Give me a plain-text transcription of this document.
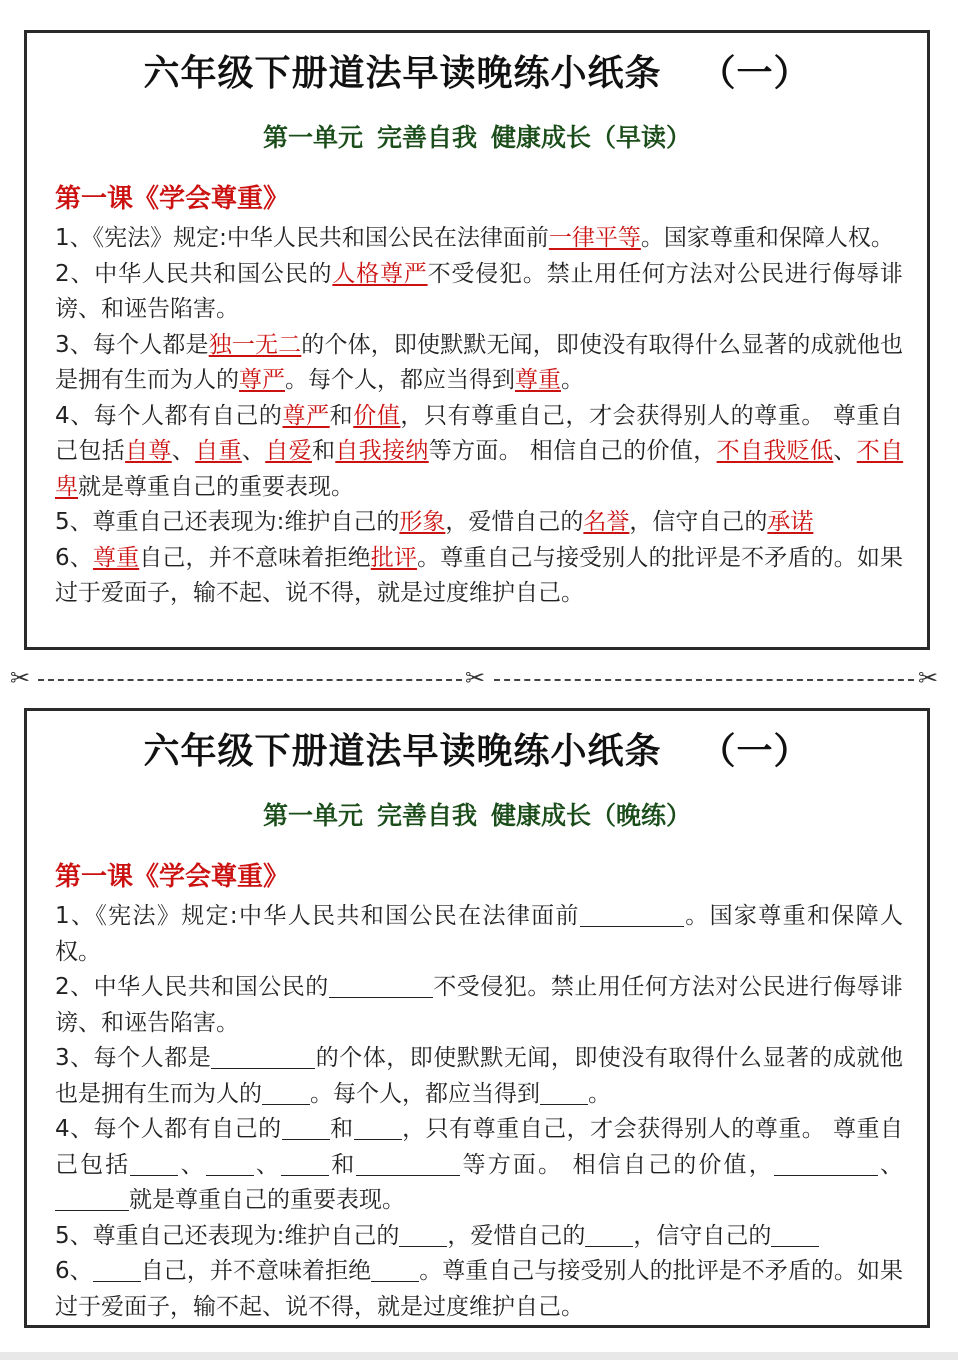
六年级下册道法早读晚练小纸条 （一）
第一单元 完善自我 健康成长（早读）
第一课《学会尊重》

1、《宪法》规定:中华人民共和国公民在法律面前一律平等。国家尊重和保障人权。

2、中华人民共和国公民的人格尊严不受侵犯。禁止用任何方法对公民进行侮辱诽谤、和诬告陷害。

3、每个人都是独一无二的个体，即使默默无闻，即使没有取得什么显著的成就他也是拥有生而为人的尊严。每个人，都应当得到尊重。

4、每个人都有自己的尊严和价值，只有尊重自己，才会获得别人的尊重。 尊重自己包括自尊、自重、自爱和自我接纳等方面。 相信自己的价值，不自我贬低、不自卑就是尊重自己的重要表现。

5、尊重自己还表现为:维护自己的形象，爱惜自己的名誉，信守自己的承诺

6、尊重自己，并不意味着拒绝批评。尊重自己与接受别人的批评是不矛盾的。如果过于爱面子，输不起、说不得，就是过度维护自己。

✂	✂	✂
六年级下册道法早读晚练小纸条 （一）
第一单元 完善自我 健康成长（晚练）
第一课《学会尊重》

1、《宪法》规定:中华人民共和国公民在法律面前	。国家尊重和保障人权。

2、中华人民共和国公民的	不受侵犯。禁止用任何方法对公民进行侮辱诽谤、和诬告陷害。

3、每个人都是	的个体，即使默默无闻，即使没有取得什么显著的成就他也是拥有生而为人的 。每个人，都应当得到 。

4、每个人都有自己的 和 ，只有尊重自己，才会获得别人的尊重。 尊重自己包括 、 、 和	等方面。 相信自己的价值，	、就是尊重自己的重要表现。

5、尊重自己还表现为:维护自己的 ，爱惜自己的 ，信守自己的

6、 自己，并不意味着拒绝 。尊重自己与接受别人的批评是不矛盾的。如果过于爱面子，输不起、说不得，就是过度维护自己。
